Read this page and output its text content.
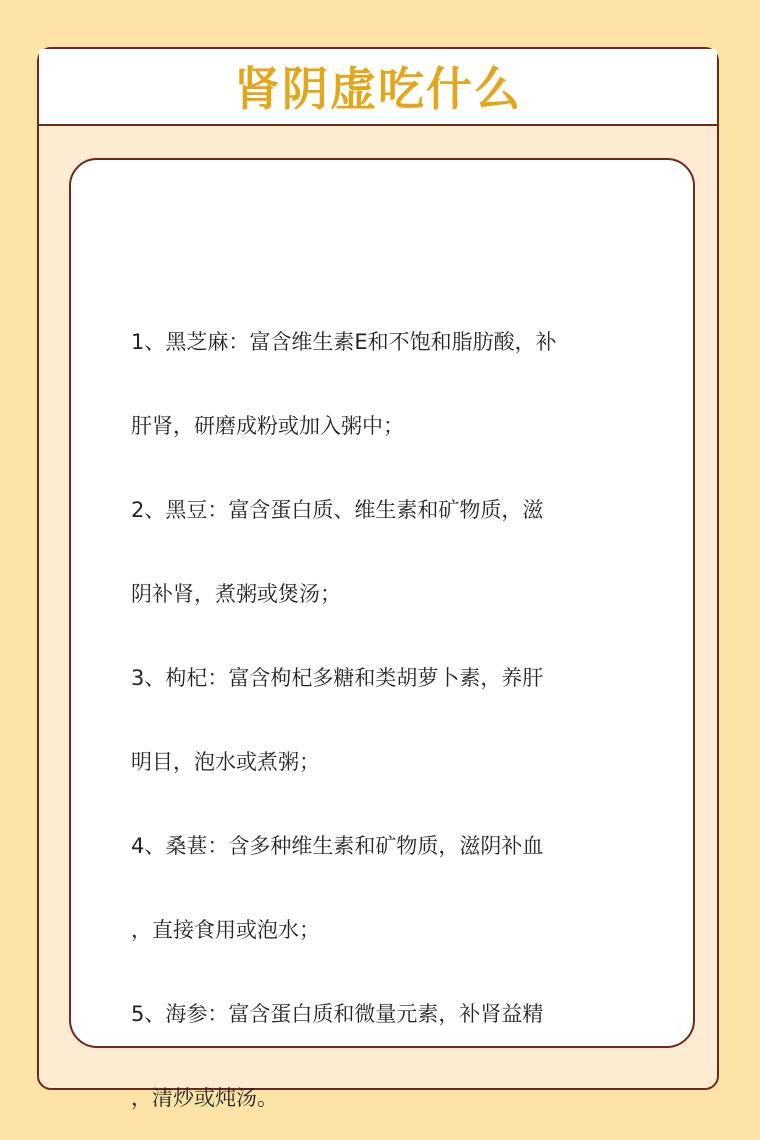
肾阴虚吃什么
1、黑芝麻：富含维生素E和不饱和脂肪酸，补
肝肾，研磨成粉或加入粥中；
2、黑豆：富含蛋白质、维生素和矿物质，滋
阴补肾，煮粥或煲汤；
3、枸杞：富含枸杞多糖和类胡萝卜素，养肝
明目，泡水或煮粥；
4、桑葚：含多种维生素和矿物质，滋阴补血
，直接食用或泡水；
5、海参：富含蛋白质和微量元素，补肾益精
，清炒或炖汤。
